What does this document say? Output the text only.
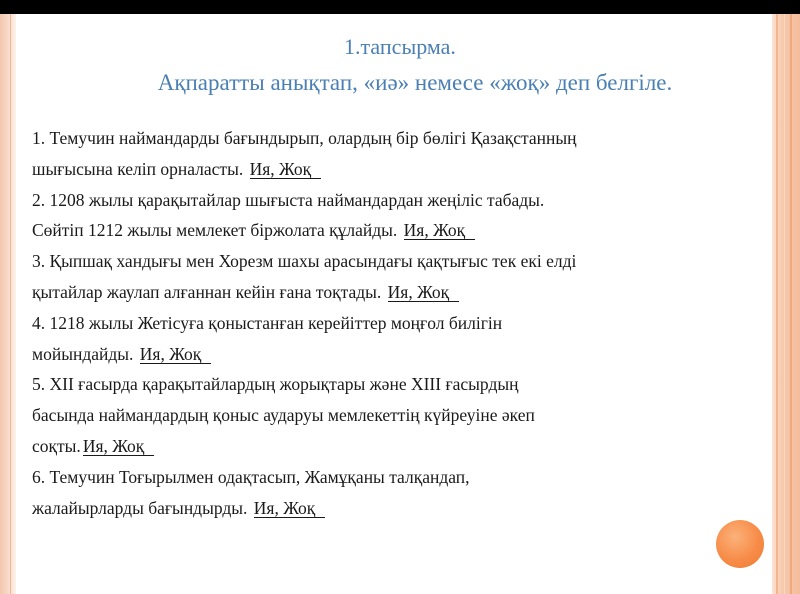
1.тапсырма.
Ақпаратты анықтап, «иә» немесе «жоқ» деп белгіле.
1. Темучин наймандарды бағындырып, олардың бір бөлігі Қазақстанның
шығысына келіп орналасты. Ия, Жоқ
2. 1208 жылы қарақытайлар шығыста наймандардан жеңіліс табады.
Сөйтіп 1212 жылы мемлекет біржолата құлайды. Ия, Жоқ
3. Қыпшақ хандығы мен Хорезм шахы арасындағы қақтығыс тек екі елді
қытайлар жаулап алғаннан кейін ғана тоқтады. Ия, Жоқ
4. 1218 жылы Жетісуға қоныстанған керейіттер моңғол билігін
мойындайды. Ия, Жоқ
5. XII ғасырда қарақытайлардың жорықтары және XIII ғасырдың
басында наймандардың қоныс аударуы мемлекеттің күйреуіне әкеп
соқты. Ия, Жоқ
6. Темучин Тоғырылмен одақтасып, Жамұқаны талқандап,
жалайырларды бағындырды. Ия, Жоқ
